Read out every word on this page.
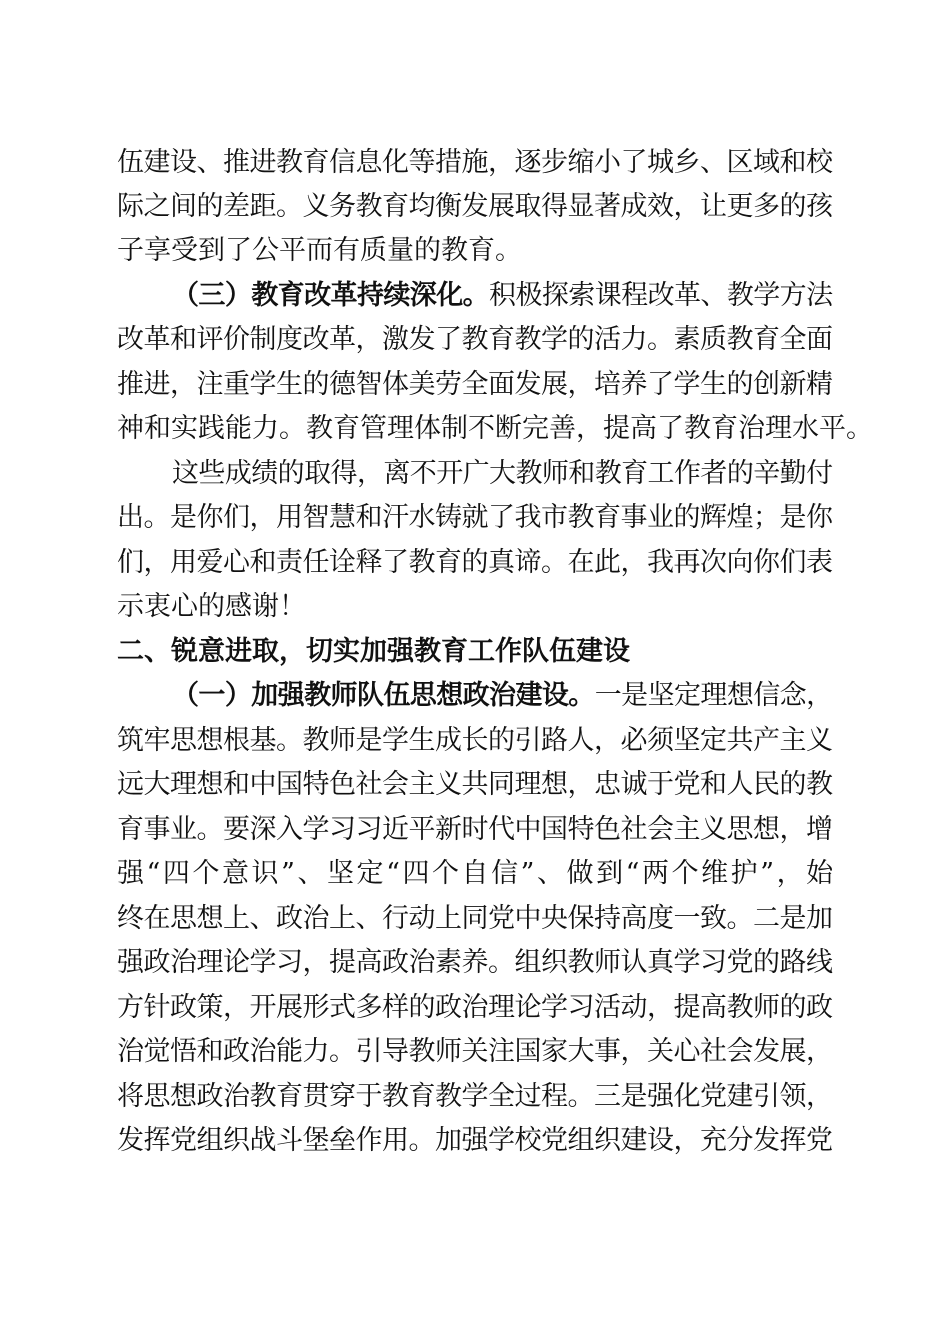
伍建设、推进教育信息化等措施，逐步缩小了城乡、区域和校

际之间的差距。义务教育均衡发展取得显著成效，让更多的孩

子享受到了公平而有质量的教育。

（三）教育改革持续深化。积极探索课程改革、教学方法

改革和评价制度改革，激发了教育教学的活力。素质教育全面

推进，注重学生的德智体美劳全面发展，培养了学生的创新精

神和实践能力。教育管理体制不断完善，提高了教育治理水平。

这些成绩的取得，离不开广大教师和教育工作者的辛勤付

出。是你们，用智慧和汗水铸就了我市教育事业的辉煌；是你

们，用爱心和责任诠释了教育的真谛。在此，我再次向你们表

示衷心的感谢！

二、锐意进取，切实加强教育工作队伍建设

（一）加强教师队伍思想政治建设。一是坚定理想信念，

筑牢思想根基。教师是学生成长的引路人，必须坚定共产主义

远大理想和中国特色社会主义共同理想，忠诚于党和人民的教

育事业。要深入学习习近平新时代中国特色社会主义思想，增

强“四个意识”、坚定“四个自信”、做到“两个维护”，始

终在思想上、政治上、行动上同党中央保持高度一致。二是加

强政治理论学习，提高政治素养。组织教师认真学习党的路线

方针政策，开展形式多样的政治理论学习活动，提高教师的政

治觉悟和政治能力。引导教师关注国家大事，关心社会发展，

将思想政治教育贯穿于教育教学全过程。三是强化党建引领，

发挥党组织战斗堡垒作用。加强学校党组织建设，充分发挥党
